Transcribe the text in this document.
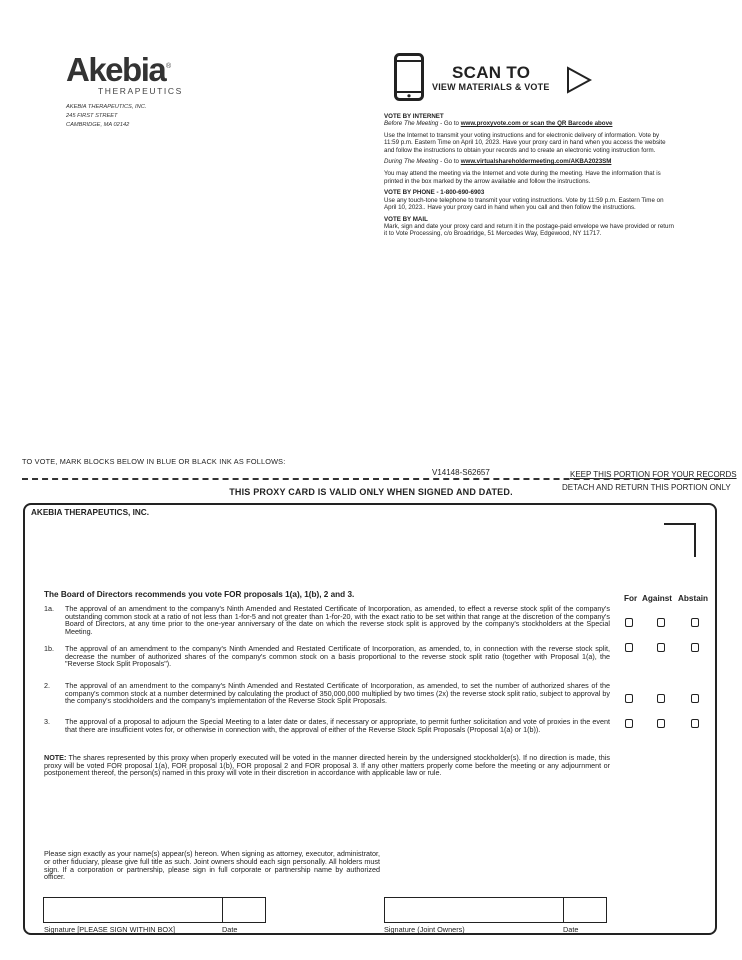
Akebia ®
THERAPEUTICS
AKEBIA THERAPEUTICS, INC.
245 FIRST STREET
CAMBRIDGE, MA 02142
SCAN TO
VIEW MATERIALS & VOTE
VOTE BY INTERNET

Before The Meeting - Go to www.proxyvote.com or scan the QR Barcode above

Use the Internet to transmit your voting instructions and for electronic delivery of information. Vote by 11:59 p.m. Eastern Time on April 10, 2023. Have your proxy card in hand when you access the website and follow the instructions to obtain your records and to create an electronic voting instruction form.

During The Meeting - Go to www.virtualshareholdermeeting.com/AKBA2023SM

You may attend the meeting via the Internet and vote during the meeting. Have the information that is printed in the box marked by the arrow available and follow the instructions.

VOTE BY PHONE - 1-800-690-6903

Use any touch-tone telephone to transmit your voting instructions. Vote by 11:59 p.m. Eastern Time on April 10, 2023.. Have your proxy card in hand when you call and then follow the instructions.

VOTE BY MAIL

Mark, sign and date your proxy card and return it in the postage-paid envelope we have provided or return it to Vote Processing, c/o Broadridge, 51 Mercedes Way, Edgewood, NY 11717.

TO VOTE, MARK BLOCKS BELOW IN BLUE OR BLACK INK AS FOLLOWS:
V14148-S62657	KEEP THIS PORTION FOR YOUR RECORDS
THIS PROXY CARD IS VALID ONLY WHEN SIGNED AND DATED.	DETACH AND RETURN THIS PORTION ONLY
AKEBIA THERAPEUTICS, INC.
The Board of Directors recommends you vote FOR proposals 1(a), 1(b), 2 and 3.	For Against Abstain
1a. The approval of an amendment to the company's Ninth Amended and Restated Certificate of Incorporation, as amended, to effect a reverse stock split of the company's outstanding common stock at a ratio of not less than 1-for-5 and not greater than 1-for-20, with the exact ratio to be set within that range at the discretion of the company's Board of Directors, at any time prior to the one-year anniversary of the date on which the reverse stock split is approved by the company's stockholders at the Special Meeting.
1b. The approval of an amendment to the company's Ninth Amended and Restated Certificate of Incorporation, as amended, to, in connection with the reverse stock split, decrease the number of authorized shares of the company's common stock on a basis proportional to the reverse stock split ratio (together with Proposal 1(a), the "Reverse Stock Split Proposals").
2. The approval of an amendment to the company's Ninth Amended and Restated Certificate of Incorporation, as amended, to set the number of authorized shares of the company's common stock at a number determined by calculating the product of 350,000,000 multiplied by two times (2x) the reverse stock split ratio, subject to approval by the company's stockholders and the company's implementation of the Reverse Stock Split Proposals.
3. The approval of a proposal to adjourn the Special Meeting to a later date or dates, if necessary or appropriate, to permit further solicitation and vote of proxies in the event that there are insufficient votes for, or otherwise in connection with, the approval of either of the Reverse Stock Split Proposals (Proposal 1(a) or 1(b)).
NOTE: The shares represented by this proxy when properly executed will be voted in the manner directed herein by the undersigned stockholder(s). If no direction is made, this proxy will be voted FOR proposal 1(a), FOR proposal 1(b), FOR proposal 2 and FOR proposal 3. If any other matters properly come before the meeting or any adjournment or postponement thereof, the person(s) named in this proxy will vote in their discretion in accordance with applicable law or rule.
Please sign exactly as your name(s) appear(s) hereon. When signing as attorney, executor, administrator, or other fiduciary, please give full title as such. Joint owners should each sign personally. All holders must sign. If a corporation or partnership, please sign in full corporate or partnership name by authorized officer.
Signature [PLEASE SIGN WITHIN BOX]	Date	Signature (Joint Owners)	Date
